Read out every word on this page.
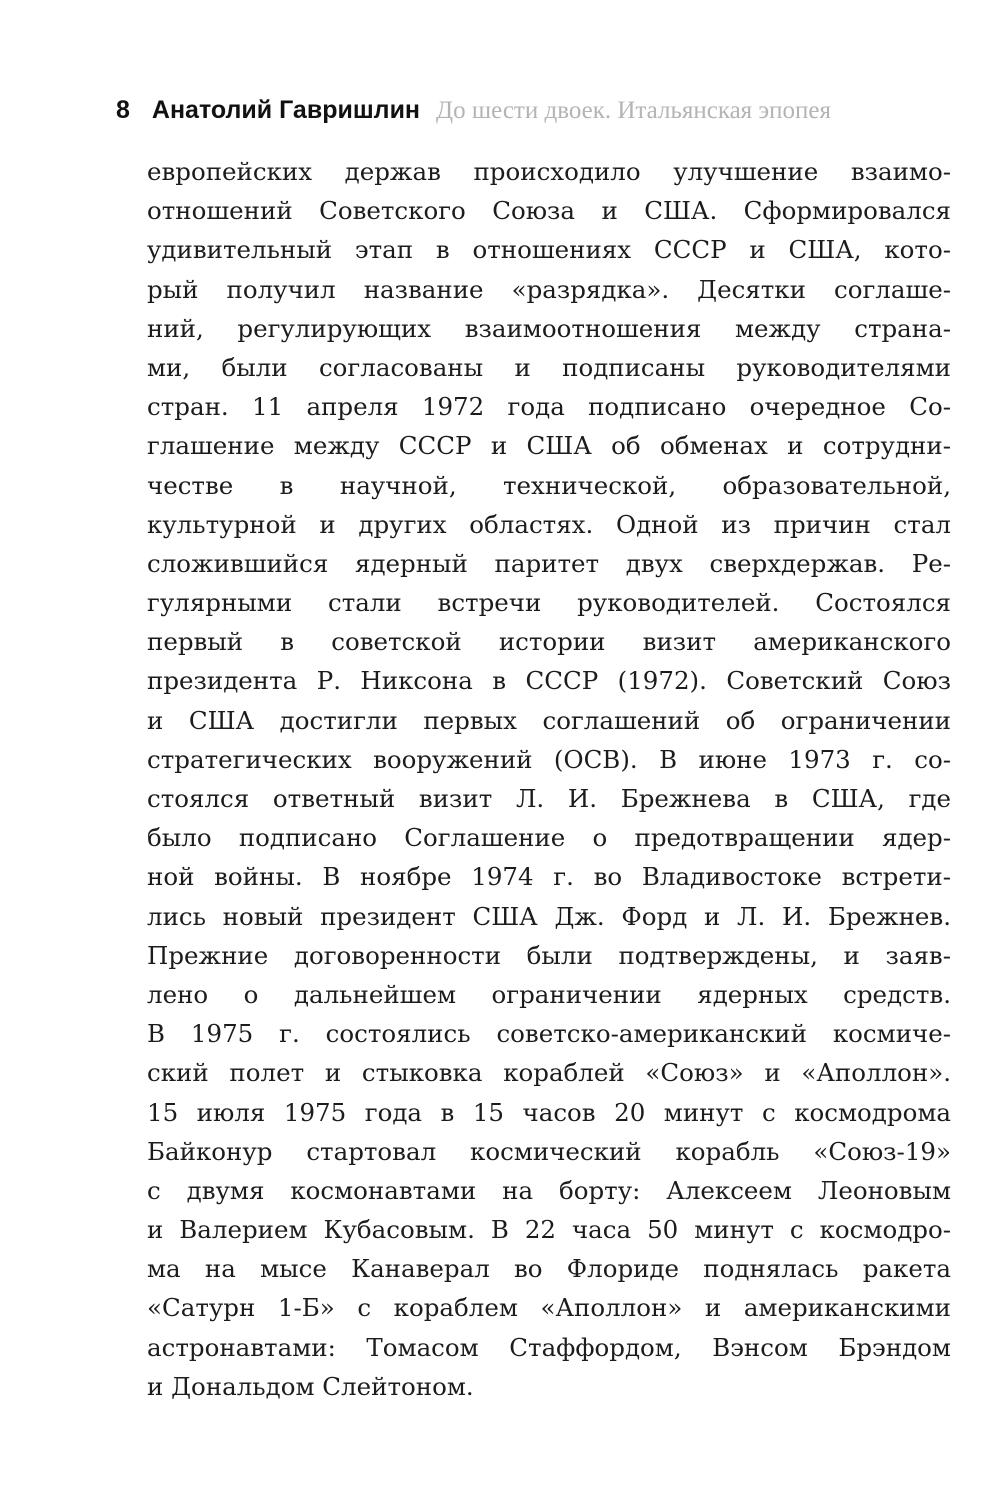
8 Анатолий Гавришлин До шести двоек. Итальянская эпопея
европейских держав происходило улучшение взаимо-
отношений Советского Союза и США. Сформировался
удивительный этап в отношениях СССР и США, кото-
рый получил название «разрядка». Десятки соглаше-
ний, регулирующих взаимоотношения между страна-
ми, были согласованы и подписаны руководителями
стран. 11 апреля 1972 года подписано очередное Со-
глашение между СССР и США об обменах и сотрудни-
честве в научной, технической, образовательной,
культурной и других областях. Одной из причин стал
сложившийся ядерный паритет двух сверхдержав. Ре-
гулярными стали встречи руководителей. Состоялся
первый в советской истории визит американского
президента Р. Никсона в СССР (1972). Советский Союз
и США достигли первых соглашений об ограничении
стратегических вооружений (ОСВ). В июне 1973 г. со-
стоялся ответный визит Л. И. Брежнева в США, где
было подписано Соглашение о предотвращении ядер-
ной войны. В ноябре 1974 г. во Владивостоке встрети-
лись новый президент США Дж. Форд и Л. И. Брежнев.
Прежние договоренности были подтверждены, и заяв-
лено о дальнейшем ограничении ядерных средств.
В 1975 г. состоялись советско-американский космиче-
ский полет и стыковка кораблей «Союз» и «Аполлон».
15 июля 1975 года в 15 часов 20 минут с космодрома
Байконур стартовал космический корабль «Союз-19»
с двумя космонавтами на борту: Алексеем Леоновым
и Валерием Кубасовым. В 22 часа 50 минут с космодро-
ма на мысе Канаверал во Флориде поднялась ракета
«Сатурн 1-Б» с кораблем «Аполлон» и американскими
астронавтами: Томасом Стаффордом, Вэнсом Брэндом
и Дональдом Слейтоном.
